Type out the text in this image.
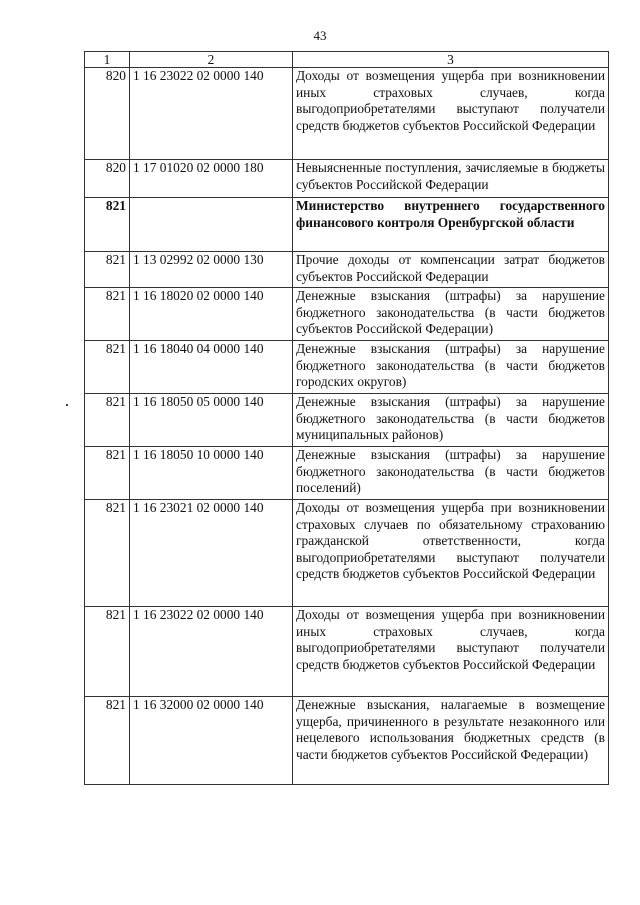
43
1	2	3
820	1 16 23022 02 0000 140	Доходы от возмещения ущерба при возникновении иных страховых случаев, когда выгодоприобретателями выступают получатели средств бюджетов субъектов Российской Федерации
820	1 17 01020 02 0000 180	Невыясненные поступления, зачисляемые в бюджеты субъектов Российской Федерации
821		Министерство внутреннего государственного финансового контроля Оренбургской области
821	1 13 02992 02 0000 130	Прочие доходы от компенсации затрат бюджетов субъектов Российской Федерации
821	1 16 18020 02 0000 140	Денежные взыскания (штрафы) за нарушение бюджетного законодательства (в части бюджетов субъектов Российской Федерации)
821	1 16 18040 04 0000 140	Денежные взыскания (штрафы) за нарушение бюджетного законодательства (в части бюджетов городских округов)
821	1 16 18050 05 0000 140	Денежные взыскания (штрафы) за нарушение бюджетного законодательства (в части бюджетов муниципальных районов)
821	1 16 18050 10 0000 140	Денежные взыскания (штрафы) за нарушение бюджетного законодательства (в части бюджетов поселений)
821	1 16 23021 02 0000 140	Доходы от возмещения ущерба при возникновении страховых случаев по обязательному страхованию гражданской ответственности, когда выгодоприобретателями выступают получатели средств бюджетов субъектов Российской Федерации
821	1 16 23022 02 0000 140	Доходы от возмещения ущерба при возникновении иных страховых случаев, когда выгодоприобретателями выступают получатели средств бюджетов субъектов Российской Федерации
821	1 16 32000 02 0000 140	Денежные взыскания, налагаемые в возмещение ущерба, причиненного в результате незаконного или нецелевого использования бюджетных средств (в части бюджетов субъектов Российской Федерации)
